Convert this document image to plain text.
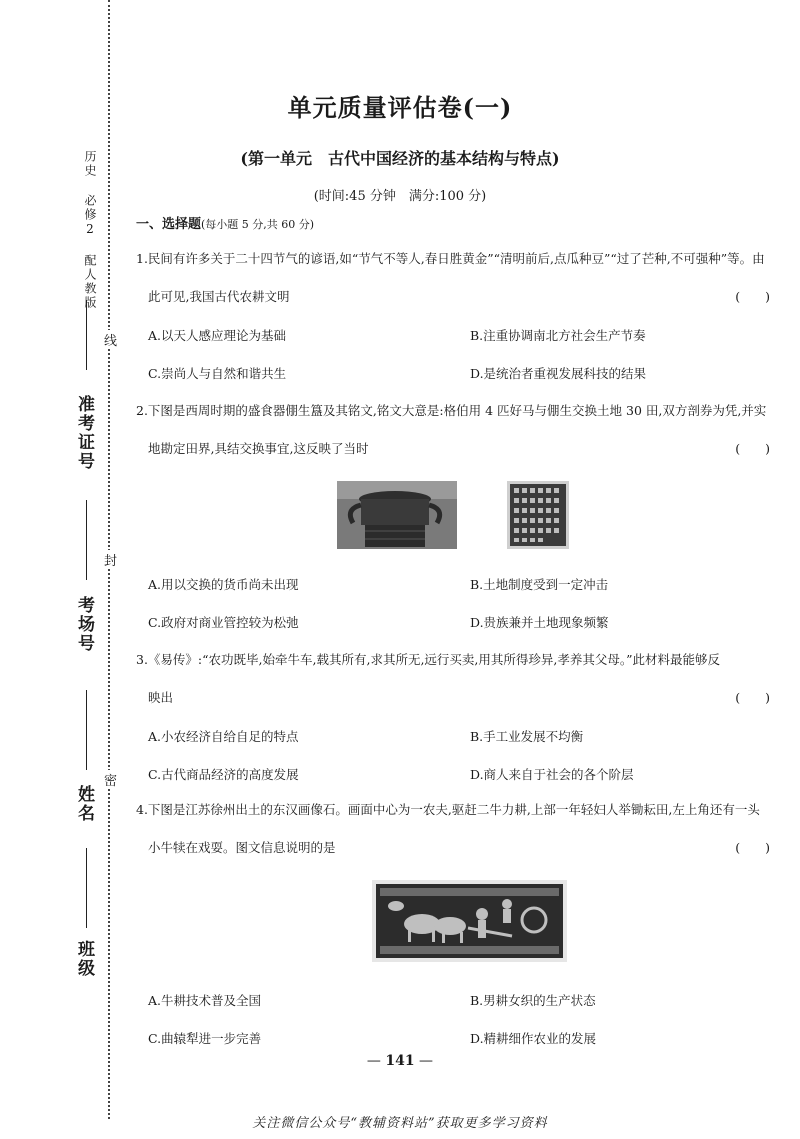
历史 必修2 配人教版
准考证号
考场号
姓名
班级
线
封
密
单元质量评估卷(一)
(第一单元　古代中国经济的基本结构与特点)
(时间:45 分钟　满分:100 分)
一、选择题(每小题 5 分,共 60 分)
1.民间有许多关于二十四节气的谚语,如“节气不等人,春日胜黄金”“清明前后,点瓜种豆”“过了芒种,不可强种”等。由
此可见,我国古代农耕文明	(　　)
A.以天人感应理论为基础	B.注重协调南北方社会生产节奏
C.崇尚人与自然和谐共生	D.是统治者重视发展科技的结果
2.下图是西周时期的盛食器倗生簋及其铭文,铭文大意是:格伯用 4 匹好马与倗生交换土地 30 田,双方剖券为凭,并实
地勘定田界,具结交换事宜,这反映了当时	(　　)
A.用以交换的货币尚未出现	B.土地制度受到一定冲击
C.政府对商业管控较为松弛	D.贵族兼并土地现象频繁
3.《易传》:“农功既毕,始牵牛车,载其所有,求其所无,远行买卖,用其所得珍异,孝养其父母。”此材料最能够反
映出	(　　)
A.小农经济自给自足的特点	B.手工业发展不均衡
C.古代商品经济的高度发展	D.商人来自于社会的各个阶层
4.下图是江苏徐州出土的东汉画像石。画面中心为一农夫,驱赶二牛力耕,上部一年轻妇人举锄耘田,左上角还有一头
小牛犊在戏耍。图文信息说明的是	(　　)
A.牛耕技术普及全国	B.男耕女织的生产状态
C.曲辕犁进一步完善	D.精耕细作农业的发展
— 141 —
关注微信公众号“教辅资料站”获取更多学习资料
